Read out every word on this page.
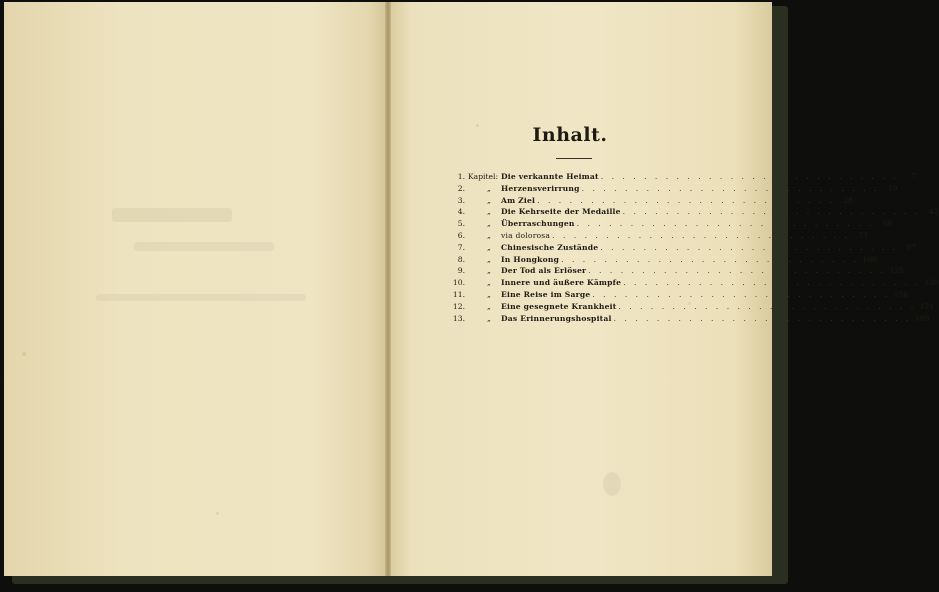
Inhalt.
1. Kapitel: Die verkannte Heimat . . . . . . . . . . . . . . . . . . . . . . . . . . . .	7
2.	„	Herzensverirrung . . . . . . . . . . . . . . . . . . . . . . . . . . . .	19
3.	„	Am Ziel . . . . . . . . . . . . . . . . . . . . . . . . . . . .	28
4.	„	Die Kehrseite der Medaille . . . . . . . . . . . . . . . . . . . . . . . . . . . .	42
5.	„	Überraschungen . . . . . . . . . . . . . . . . . . . . . . . . . . . .	56
6.	„	via dolorosa . . . . . . . . . . . . . . . . . . . . . . . . . . . .	73
7.	„	Chinesische Zustände . . . . . . . . . . . . . . . . . . . . . . . . . . . .	87
8.	„	In Hongkong . . . . . . . . . . . . . . . . . . . . . . . . . . . . 106
9.	„	Der Tod als Erlöser . . . . . . . . . . . . . . . . . . . . . . . . . . . . 125
10.	„	Innere und äußere Kämpfe . . . . . . . . . . . . . . . . . . . . . . . . . . . . 139
11.	„	Eine Reise im Sarge . . . . . . . . . . . . . . . . . . . . . . . . . . . . 156
12.	„	Eine gesegnete Krankheit . . . . . . . . . . . . . . . . . . . . . . . . . . . . 171
13.	„	Das Erinnerungshospital . . . . . . . . . . . . . . . . . . . . . . . . . . . . 189
